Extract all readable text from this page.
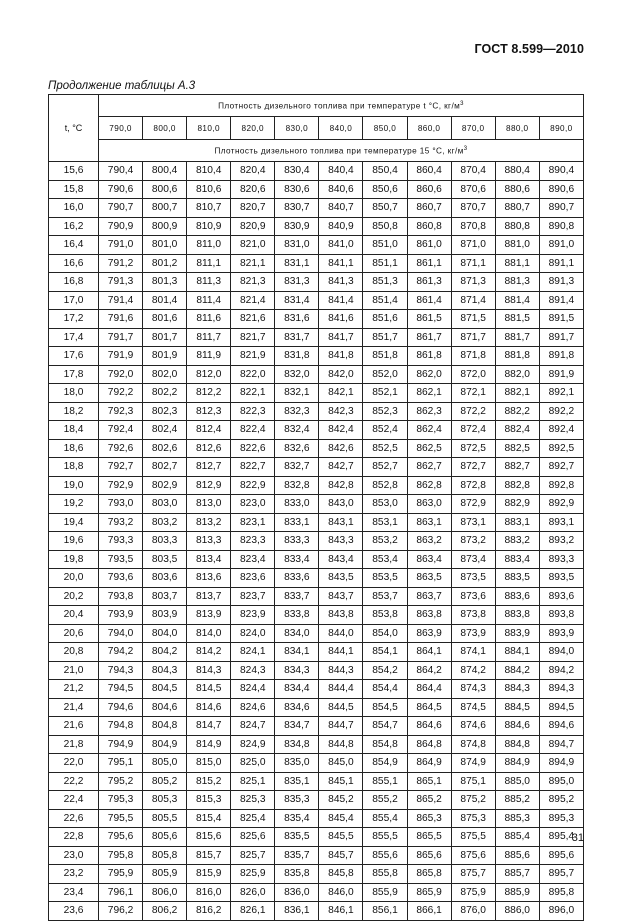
ГОСТ 8.599—2010
Продолжение таблицы А.3
t, °C	Плотность дизельного топлива при температуре t °C, $кг/м^3$
	790,0	800,0	810,0	820,0	830,0	840,0	850,0	860,0	870,0	880,0	890,0
	Плотность дизельного топлива при температуре 15 °C, $кг/м^3$
15,6	790,4	800,4	810,4	820,4	830,4	840,4	850,4	860,4	870,4	880,4	890,4
15,8	790,6	800,6	810,6	820,6	830,6	840,6	850,6	860,6	870,6	880,6	890,6
16,0	790,7	800,7	810,7	820,7	830,7	840,7	850,7	860,7	870,7	880,7	890,7
16,2	790,9	800,9	810,9	820,9	830,9	840,9	850,8	860,8	870,8	880,8	890,8
16,4	791,0	801,0	811,0	821,0	831,0	841,0	851,0	861,0	871,0	881,0	891,0
16,6	791,2	801,2	811,1	821,1	831,1	841,1	851,1	861,1	871,1	881,1	891,1
16,8	791,3	801,3	811,3	821,3	831,3	841,3	851,3	861,3	871,3	881,3	891,3
17,0	791,4	801,4	811,4	821,4	831,4	841,4	851,4	861,4	871,4	881,4	891,4
17,2	791,6	801,6	811,6	821,6	831,6	841,6	851,6	861,5	871,5	881,5	891,5
17,4	791,7	801,7	811,7	821,7	831,7	841,7	851,7	861,7	871,7	881,7	891,7
17,6	791,9	801,9	811,9	821,9	831,8	841,8	851,8	861,8	871,8	881,8	891,8
17,8	792,0	802,0	812,0	822,0	832,0	842,0	852,0	862,0	872,0	882,0	891,9
18,0	792,2	802,2	812,2	822,1	832,1	842,1	852,1	862,1	872,1	882,1	892,1
18,2	792,3	802,3	812,3	822,3	832,3	842,3	852,3	862,3	872,2	882,2	892,2
18,4	792,4	802,4	812,4	822,4	832,4	842,4	852,4	862,4	872,4	882,4	892,4
18,6	792,6	802,6	812,6	822,6	832,6	842,6	852,5	862,5	872,5	882,5	892,5
18,8	792,7	802,7	812,7	822,7	832,7	842,7	852,7	862,7	872,7	882,7	892,7
19,0	792,9	802,9	812,9	822,9	832,8	842,8	852,8	862,8	872,8	882,8	892,8
19,2	793,0	803,0	813,0	823,0	833,0	843,0	853,0	863,0	872,9	882,9	892,9
19,4	793,2	803,2	813,2	823,1	833,1	843,1	853,1	863,1	873,1	883,1	893,1
19,6	793,3	803,3	813,3	823,3	833,3	843,3	853,2	863,2	873,2	883,2	893,2
19,8	793,5	803,5	813,4	823,4	833,4	843,4	853,4	863,4	873,4	883,4	893,3
20,0	793,6	803,6	813,6	823,6	833,6	843,5	853,5	863,5	873,5	883,5	893,5
20,2	793,8	803,7	813,7	823,7	833,7	843,7	853,7	863,7	873,6	883,6	893,6
20,4	793,9	803,9	813,9	823,9	833,8	843,8	853,8	863,8	873,8	883,8	893,8
20,6	794,0	804,0	814,0	824,0	834,0	844,0	854,0	863,9	873,9	883,9	893,9
20,8	794,2	804,2	814,2	824,1	834,1	844,1	854,1	864,1	874,1	884,1	894,0
21,0	794,3	804,3	814,3	824,3	834,3	844,3	854,2	864,2	874,2	884,2	894,2
21,2	794,5	804,5	814,5	824,4	834,4	844,4	854,4	864,4	874,3	884,3	894,3
21,4	794,6	804,6	814,6	824,6	834,6	844,5	854,5	864,5	874,5	884,5	894,5
21,6	794,8	804,8	814,7	824,7	834,7	844,7	854,7	864,6	874,6	884,6	894,6
21,8	794,9	804,9	814,9	824,9	834,8	844,8	854,8	864,8	874,8	884,8	894,7
22,0	795,1	805,0	815,0	825,0	835,0	845,0	854,9	864,9	874,9	884,9	894,9
22,2	795,2	805,2	815,2	825,1	835,1	845,1	855,1	865,1	875,1	885,0	895,0
22,4	795,3	805,3	815,3	825,3	835,3	845,2	855,2	865,2	875,2	885,2	895,2
22,6	795,5	805,5	815,4	825,4	835,4	845,4	855,4	865,3	875,3	885,3	895,3
22,8	795,6	805,6	815,6	825,6	835,5	845,5	855,5	865,5	875,5	885,4	895,4
23,0	795,8	805,8	815,7	825,7	835,7	845,7	855,6	865,6	875,6	885,6	895,6
23,2	795,9	805,9	815,9	825,9	835,8	845,8	855,8	865,8	875,7	885,7	895,7
23,4	796,1	806,0	816,0	826,0	836,0	846,0	855,9	865,9	875,9	885,9	895,8
23,6	796,2	806,2	816,2	826,1	836,1	846,1	856,1	866,1	876,0	886,0	896,0
31
